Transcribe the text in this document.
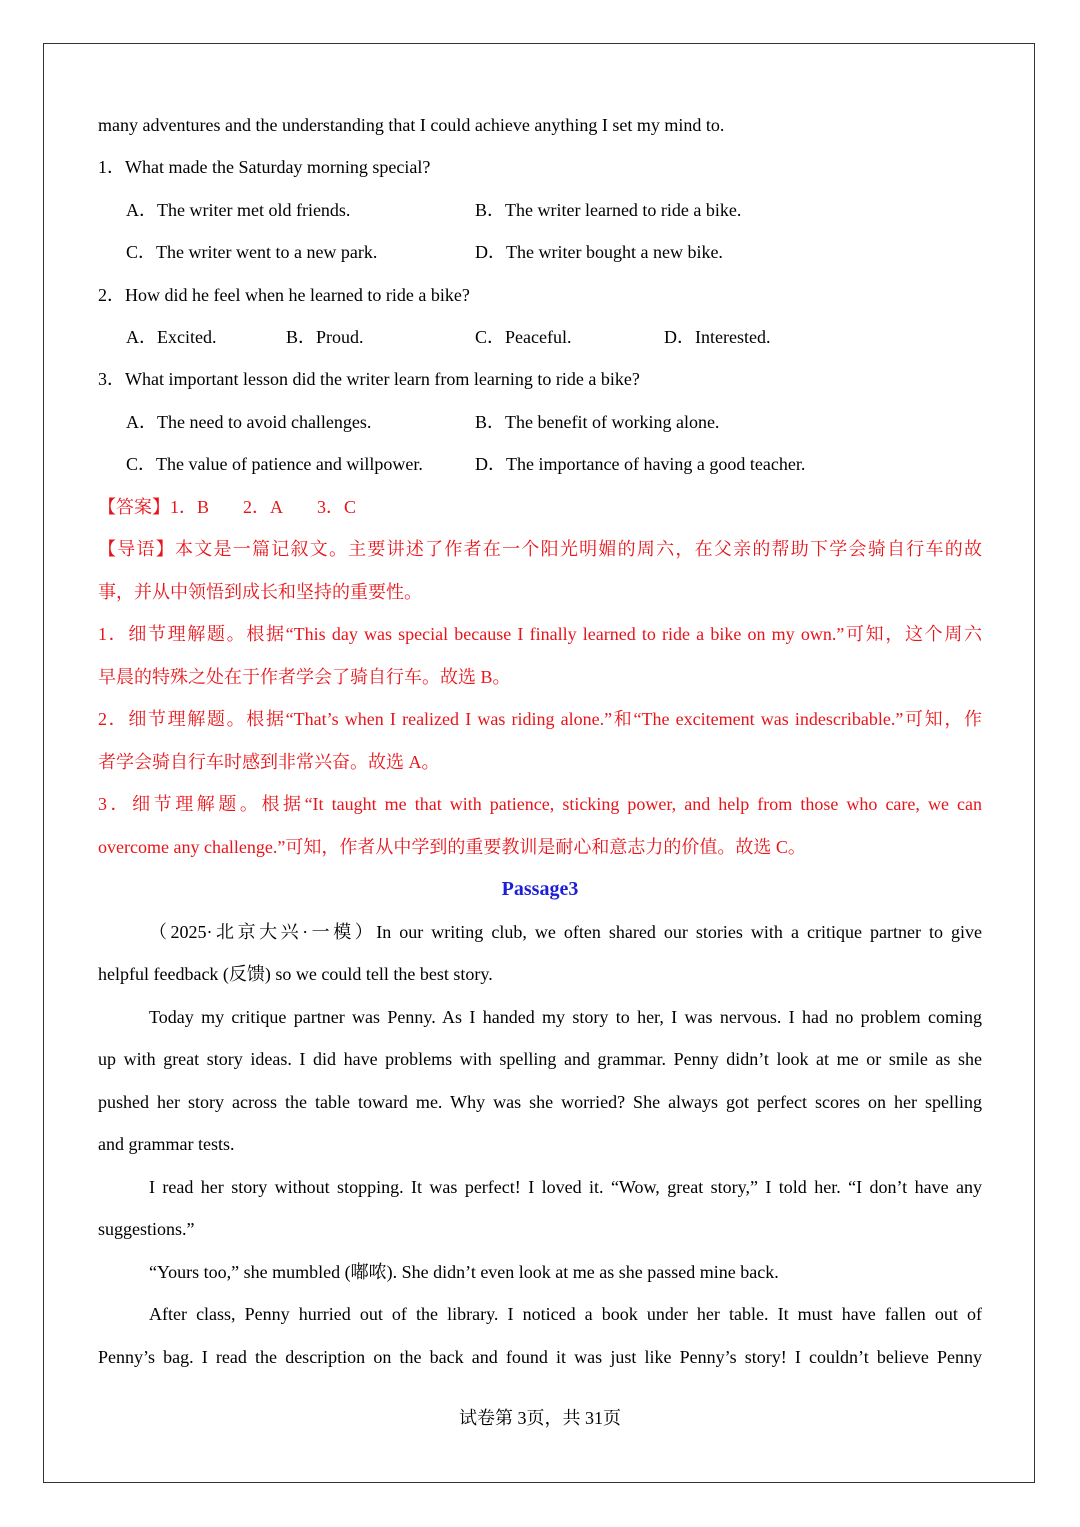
many adventures and the understanding that I could achieve anything I set my mind to.
1．What made the Saturday morning special?
A．The writer met old friends.	B．The writer learned to ride a bike.
C．The writer went to a new park.	D．The writer bought a new bike.
2．How did he feel when he learned to ride a bike?
A．Excited.	B．Proud.	C．Peaceful.	D．Interested.
3．What important lesson did the writer learn from learning to ride a bike?
A．The need to avoid challenges.	B．The benefit of working alone.
C．The value of patience and willpower.	D．The importance of having a good teacher.
【答案】1．B 2．A 3．C
【导语】本文是一篇记叙文。主要讲述了作者在一个阳光明媚的周六，在父亲的帮助下学会骑自行车的故
事，并从中领悟到成长和坚持的重要性。
1．细节理解题。根据“This day was special because I finally learned to ride a bike on my own.”可知，这个周六
早晨的特殊之处在于作者学会了骑自行车。故选 B。
2．细节理解题。根据“That’s when I realized I was riding alone.”和“The excitement was indescribable.”可知，作
者学会骑自行车时感到非常兴奋。故选 A。
3．细节理解题。根据“It taught me that with patience, sticking power, and help from those who care, we can
overcome any challenge.”可知，作者从中学到的重要教训是耐心和意志力的价值。故选 C。
Passage3
（2025·北京大兴·一模）In our writing club, we often shared our stories with a critique partner to give
helpful feedback (反馈) so we could tell the best story.
Today my critique partner was Penny. As I handed my story to her, I was nervous. I had no problem coming
up with great story ideas. I did have problems with spelling and grammar. Penny didn’t look at me or smile as she
pushed her story across the table toward me. Why was she worried? She always got perfect scores on her spelling
and grammar tests.
I read her story without stopping. It was perfect! I loved it. “Wow, great story,” I told her. “I don’t have any
suggestions.”
“Yours too,” she mumbled (嘟哝). She didn’t even look at me as she passed mine back.
After class, Penny hurried out of the library. I noticed a book under her table. It must have fallen out of
Penny’s bag. I read the description on the back and found it was just like Penny’s story! I couldn’t believe Penny
试卷第 3页，共 31页
